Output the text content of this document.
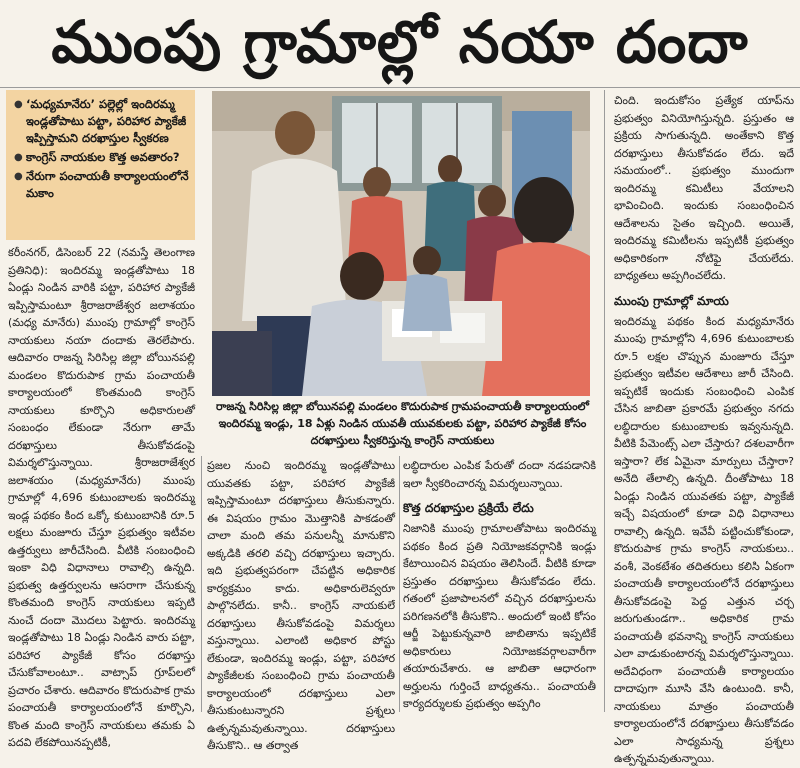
ముంపు గ్రామాల్లో నయా దందా
● ‘మధ్యమానేరు’ పల్లెల్లో ఇందిరమ్మ ఇండ్లతోపాటు పట్టా, పరిహార ప్యాకేజీ ఇప్పిస్తామని దరఖాస్తుల స్వీకరణ
● కాంగ్రెస్ నాయకుల కొత్త అవతారం?
● నేరుగా పంచాయతీ కార్యాలయంలోనే మకాం

కరీంనగర్, డిసెంబర్ 22 (నమస్తే తెలంగాణ ప్రతినిధి): ఇందిరమ్మ ఇండ్లతోపాటు 18 ఏండ్లు నిండిన వారికి పట్టా, పరిహార ప్యాకేజీ ఇప్పిస్తామంటూ శ్రీరాజరాజేశ్వర జలాశయం (మధ్య మానేరు) ముంపు గ్రామాల్లో కాంగ్రెస్ నాయకులు నయా దందాకు తెరలేపారు. ఆదివారం రాజన్న సిరిసిల్ల జిల్లా బోయినపల్లి మండలం కొదురుపాక గ్రామ పంచాయతీ కార్యాలయంలో కొంతమంది కాంగ్రెస్ నాయకులు కూర్చొని అధికారులతో సంబంధం లేకుండా నేరుగా తామే దరఖాస్తులు తీసుకోవడంపై విమర్శలొస్తున్నాయి. శ్రీరాజరాజేశ్వర జలాశయం (మధ్యమానేరు) ముంపు గ్రామాల్లో 4,696 కుటుంబాలకు ఇందిరమ్మ ఇండ్ల పథకం కింద ఒక్కో కుటుంబానికి రూ.5 లక్షలు మంజూరు చేస్తూ ప్రభుత్వం ఇటీవల ఉత్తర్వులు జారీచేసింది. వీటికి సంబంధించి ఇంకా విధి విధానాలు రావాల్సి ఉన్నది. ప్రభుత్వ ఉత్తర్వులను ఆసరాగా చేసుకున్న కొంతమంది కాంగ్రెస్ నాయకులు ఇప్పటి నుంచే దందా మొదలు పెట్టారు. ఇందిరమ్మ ఇండ్లతోపాటు 18 ఏండ్లు నిండిన వారు పట్టా, పరిహార ప్యాకేజీ కోసం దరఖాస్తు చేసుకోవాలంటూ.. వాట్సాప్ గ్రూప్‌లలో ప్రచారం చేశారు. ఆదివారం కొదురుపాక గ్రామ పంచాయతీ కార్యాలయంలోనే కూర్చొని, కొంత మంది కాంగ్రెస్ నాయకులు తమకు ఏ పదవి లేకపోయినప్పటికీ,

రాజన్న సిరిసిల్ల జిల్లా బోయినపల్లి మండలం కొదురుపాక గ్రామపంచాయతీ కార్యాలయంలో ఇందిరమ్మ ఇండ్లు, 18 ఏళ్లు నిండిన యువతీ యువకులకు పట్టా, పరిహార ప్యాకేజీ కోసం దరఖాస్తులు స్వీకరిస్తున్న కాంగ్రెస్ నాయకులు

ప్రజల నుంచి ఇందిరమ్మ ఇండ్లతోపాటు యువతకు పట్టా, పరిహార ప్యాకేజీ ఇప్పిస్తామంటూ దరఖాస్తులు తీసుకున్నారు. ఈ విషయం గ్రామం మొత్తానికి పాకడంతో చాలా మంది తమ పనులన్నీ మానుకొని అక్కడికి తరలి వచ్చి దరఖాస్తులు ఇచ్చారు. ఇది ప్రభుత్వపరంగా చేపట్టిన అధికారిక కార్యక్రమం కాదు. అధికారులెవ్వరూ పాల్గొనలేదు. కానీ.. కాంగ్రెస్ నాయకులే దరఖాస్తులు తీసుకోవడంపై విమర్శలు వస్తున్నాయి. ఎలాంటి అధికార పోస్టు లేకుండా, ఇందిరమ్మ ఇండ్లు, పట్టా, పరిహార ప్యాకేజీలకు సంబంధించి గ్రామ పంచాయతీ కార్యాలయంలో దరఖాస్తులు ఎలా తీసుకుంటున్నారని ప్రశ్నలు ఉత్పన్నమవుతున్నాయి. దరఖాస్తులు తీసుకొని.. ఆ తర్వాత

లబ్ధిదారుల ఎంపిక పేరుతో దందా నడపడానికి ఇలా స్వీకరించారన్న విమర్శలున్నాయి.

కొత్త దరఖాస్తుల ప్రక్రియే లేదు

నిజానికి ముంపు గ్రామాలతోపాటు ఇందిరమ్మ పథకం కింద ప్రతి నియోజకవర్గానికి ఇండ్లు కేటాయించిన విషయం తెలిసిందే. వీటికి కూడా ప్రస్తుతం దరఖాస్తులు తీసుకోవడం లేదు. గతంలో ప్రజాపాలనలో వచ్చిన దరఖాస్తులను పరిగణనలోకి తీసుకొని.. అందులో ఇంటి కోసం ఆర్జీ పెట్టుకున్నవారి జాబితాను ఇప్పటికే అధికారులు నియోజకవర్గాలవారీగా తయారుచేశారు. ఆ జాబితా ఆధారంగా అర్హులను గుర్తించే బాధ్యతను.. పంచాయతీ కార్యదర్శులకు ప్రభుత్వం అప్పగిం

చింది. ఇందుకోసం ప్రత్యేక యాప్‌ను ప్రభుత్వం వినియోగిస్తున్నది. ప్రస్తుతం ఆ ప్రక్రియ సాగుతున్నది. అంతేకాని కొత్త దరఖాస్తులు తీసుకోవడం లేదు. ఇదే సమయంలో.. ప్రభుత్వం ముందుగా ఇందిరమ్మ కమిటీలు వేయాలని భావించింది. ఇందుకు సంబంధించిన ఆదేశాలను సైతం ఇచ్చింది. అయితే, ఇందిరమ్మ కమిటీలను ఇప్పటికీ ప్రభుత్వం అధికారికంగా నోటిఫై చేయలేదు. బాధ్యతలు అప్పగించలేదు.

ముంపు గ్రామాల్లో మాయ

ఇందిరమ్మ పథకం కింద మధ్యమానేరు ముంపు గ్రామాల్లోని 4,696 కుటుంబాలకు రూ.5 లక్షల చొప్పున మంజూరు చేస్తూ ప్రభుత్వం ఇటీవల ఆదేశాలు జారీ చేసింది. ఇప్పటికే ఇందుకు సంబంధించి ఎంపిక చేసిన జాబితా ప్రకారమే ప్రభుత్వం నగదు లబ్ధిదారుల కుటుంబాలకు ఇవ్వనున్నది. వీటికి పేమెంట్స్ ఎలా చేస్తారు? దశలవారీగా ఇస్తారా? లేక ఏమైనా మార్పులు చేస్తారా? అనేది తేలాల్సి ఉన్నది. దీంతోపాటు 18 ఏండ్లు నిండిన యువతకు పట్టా, ప్యాకేజీ ఇచ్చే విషయంలో కూడా విధి విధానాలు రావాల్సి ఉన్నది. ఇవేవీ పట్టించుకోకుండా, కొదురుపాక గ్రామ కాంగ్రెస్ నాయకులు.. వంశీ, వెంకటేశం తదితరులు కలిసి ఏకంగా పంచాయతీ కార్యాలయంలోనే దరఖాస్తులు తీసుకోవడంపై పెద్ద ఎత్తున చర్చ జరుగుతుండగా.. అధికారిక గ్రామ పంచాయతీ భవనాన్ని కాంగ్రెస్ నాయకులు ఎలా వాడుకుంటారన్న విమర్శలొస్తున్నాయి. అదేవిధంగా పంచాయతీ కార్యాలయం దాదాపుగా మూసి వేసి ఉంటుంది. కానీ, నాయకులు మాత్రం పంచాయతీ కార్యాలయంలోనే దరఖాస్తులు తీసుకోవడం ఎలా సాధ్యమన్న ప్రశ్నలు ఉత్పన్నమవుతున్నాయి.
